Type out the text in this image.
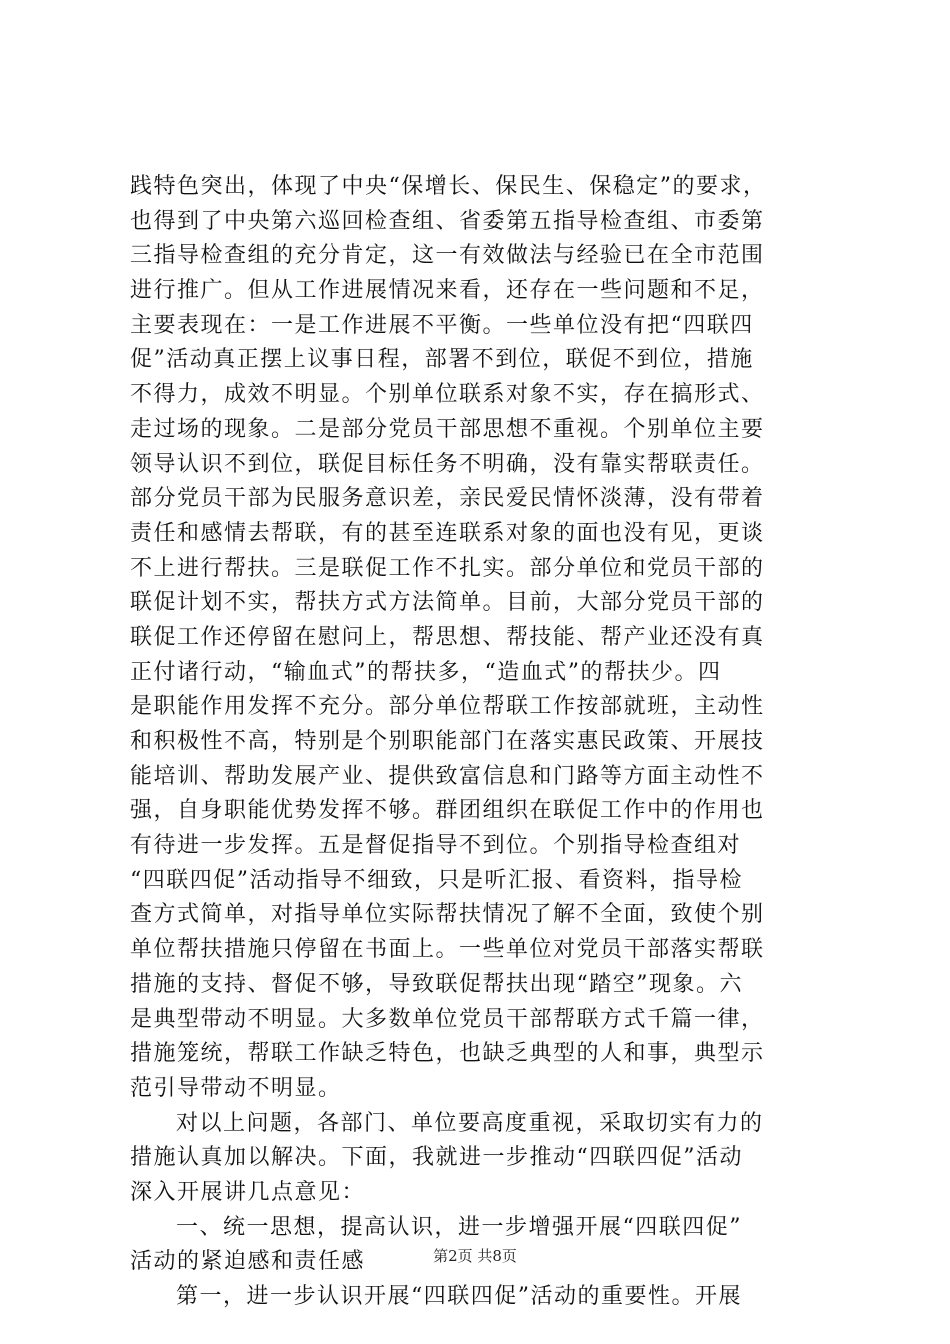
践特色突出，体现了中央“保增长、保民生、保稳定”的要求，
也得到了中央第六巡回检查组、省委第五指导检查组、市委第
三指导检查组的充分肯定，这一有效做法与经验已在全市范围
进行推广。但从工作进展情况来看，还存在一些问题和不足，
主要表现在：一是工作进展不平衡。一些单位没有把“四联四
促”活动真正摆上议事日程，部署不到位，联促不到位，措施
不得力，成效不明显。个别单位联系对象不实，存在搞形式、
走过场的现象。二是部分党员干部思想不重视。个别单位主要
领导认识不到位，联促目标任务不明确，没有靠实帮联责任。
部分党员干部为民服务意识差，亲民爱民情怀淡薄，没有带着
责任和感情去帮联，有的甚至连联系对象的面也没有见，更谈
不上进行帮扶。三是联促工作不扎实。部分单位和党员干部的
联促计划不实，帮扶方式方法简单。目前，大部分党员干部的
联促工作还停留在慰问上，帮思想、帮技能、帮产业还没有真
正付诸行动，“输血式”的帮扶多，“造血式”的帮扶少。四
是职能作用发挥不充分。部分单位帮联工作按部就班，主动性
和积极性不高，特别是个别职能部门在落实惠民政策、开展技
能培训、帮助发展产业、提供致富信息和门路等方面主动性不
强，自身职能优势发挥不够。群团组织在联促工作中的作用也
有待进一步发挥。五是督促指导不到位。个别指导检查组对
“四联四促”活动指导不细致，只是听汇报、看资料，指导检
查方式简单，对指导单位实际帮扶情况了解不全面，致使个别
单位帮扶措施只停留在书面上。一些单位对党员干部落实帮联
措施的支持、督促不够，导致联促帮扶出现“踏空”现象。六
是典型带动不明显。大多数单位党员干部帮联方式千篇一律，
措施笼统，帮联工作缺乏特色，也缺乏典型的人和事，典型示
范引导带动不明显。
对以上问题，各部门、单位要高度重视，采取切实有力的
措施认真加以解决。下面，我就进一步推动“四联四促”活动
深入开展讲几点意见：
一、统一思想，提高认识，进一步增强开展“四联四促”
活动的紧迫感和责任感
第一，进一步认识开展“四联四促”活动的重要性。开展
第2页 共8页
